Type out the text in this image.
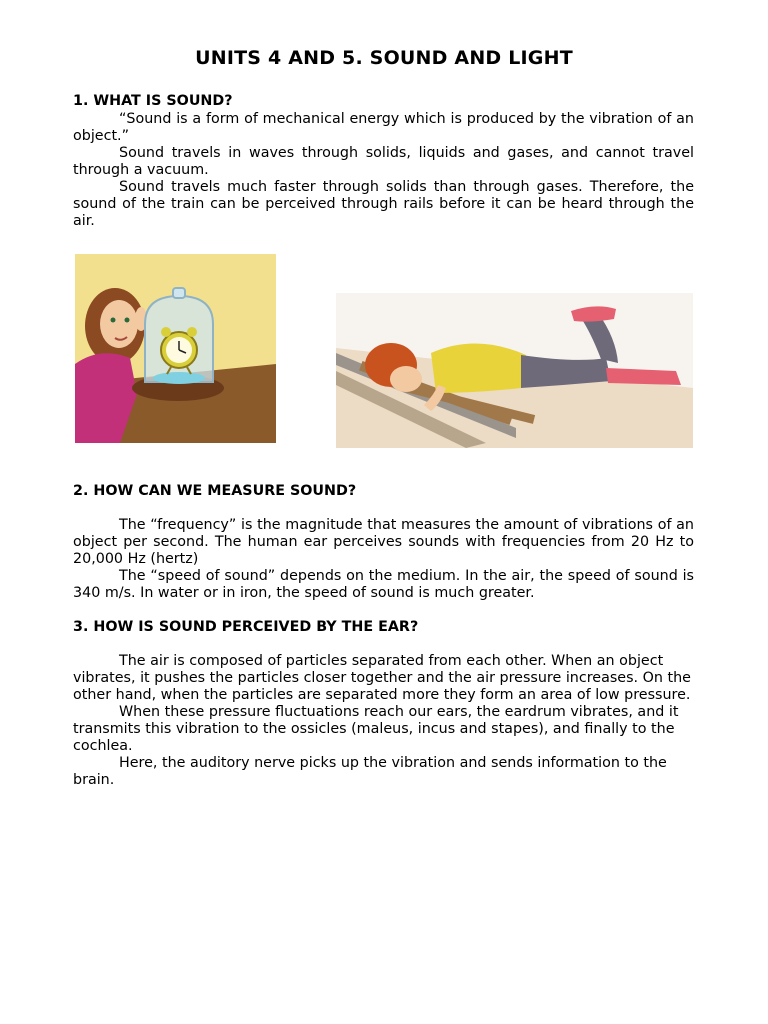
UNITS 4 AND 5. SOUND AND LIGHT
1. WHAT IS SOUND?

“Sound is a form of mechanical energy which is produced by the vibration of an object.”

Sound travels in waves through solids, liquids and gases, and cannot travel through a vacuum.

Sound travels much faster through solids than through gases. Therefore, the sound of the train can be perceived through rails before it can be heard through the air.

2. HOW CAN WE MEASURE SOUND?

The “frequency” is the magnitude that measures the amount of vibrations of an object per second. The human ear perceives sounds with frequencies from 20 Hz to 20,000 Hz (hertz)

The “speed of sound” depends on the medium. In the air, the speed of sound is 340 m/s. In water or in iron, the speed of sound is much greater.

3. HOW IS SOUND PERCEIVED BY THE EAR?

The air is composed of particles separated from each other. When an object vibrates, it pushes the particles closer together and the air pressure increases. On the other hand, when the particles are separated more they form an area of low pressure.

When these pressure fluctuations reach our ears, the eardrum vibrates, and it transmits this vibration to the ossicles (maleus, incus and stapes), and finally to the cochlea.

Here, the auditory nerve picks up the vibration and sends information to the brain.
